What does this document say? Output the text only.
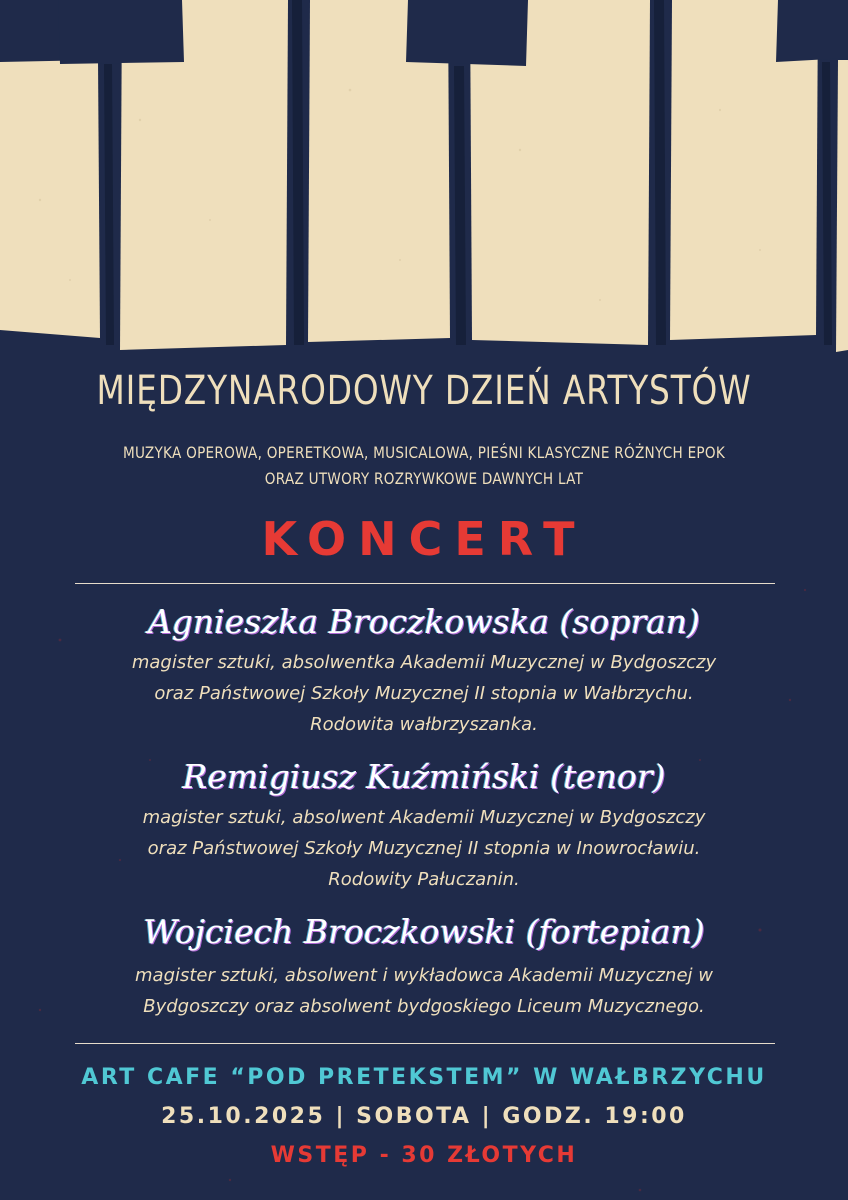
MIĘDZYNARODOWY DZIEŃ ARTYSTÓW
MUZYKA OPEROWA, OPERETKOWA, MUSICALOWA, PIEŚNI KLASYCZNE RÓŻNYCH EPOK
ORAZ UTWORY ROZRYWKOWE DAWNYCH LAT
KONCERT
Agnieszka Broczkowska (sopran)
magister sztuki, absolwentka Akademii Muzycznej w Bydgoszczy
oraz Państwowej Szkoły Muzycznej II stopnia w Wałbrzychu.
Rodowita wałbrzyszanka.
Remigiusz Kuźmiński (tenor)
magister sztuki, absolwent Akademii Muzycznej w Bydgoszczy
oraz Państwowej Szkoły Muzycznej II stopnia w Inowrocławiu.
Rodowity Pałuczanin.
Wojciech Broczkowski (fortepian)
magister sztuki, absolwent i wykładowca Akademii Muzycznej w
Bydgoszczy oraz absolwent bydgoskiego Liceum Muzycznego.
ART CAFE “POD PRETEKSTEM” W WAŁBRZYCHU
25.10.2025 | SOBOTA | GODZ. 19:00
WSTĘP - 30 ZŁOTYCH
